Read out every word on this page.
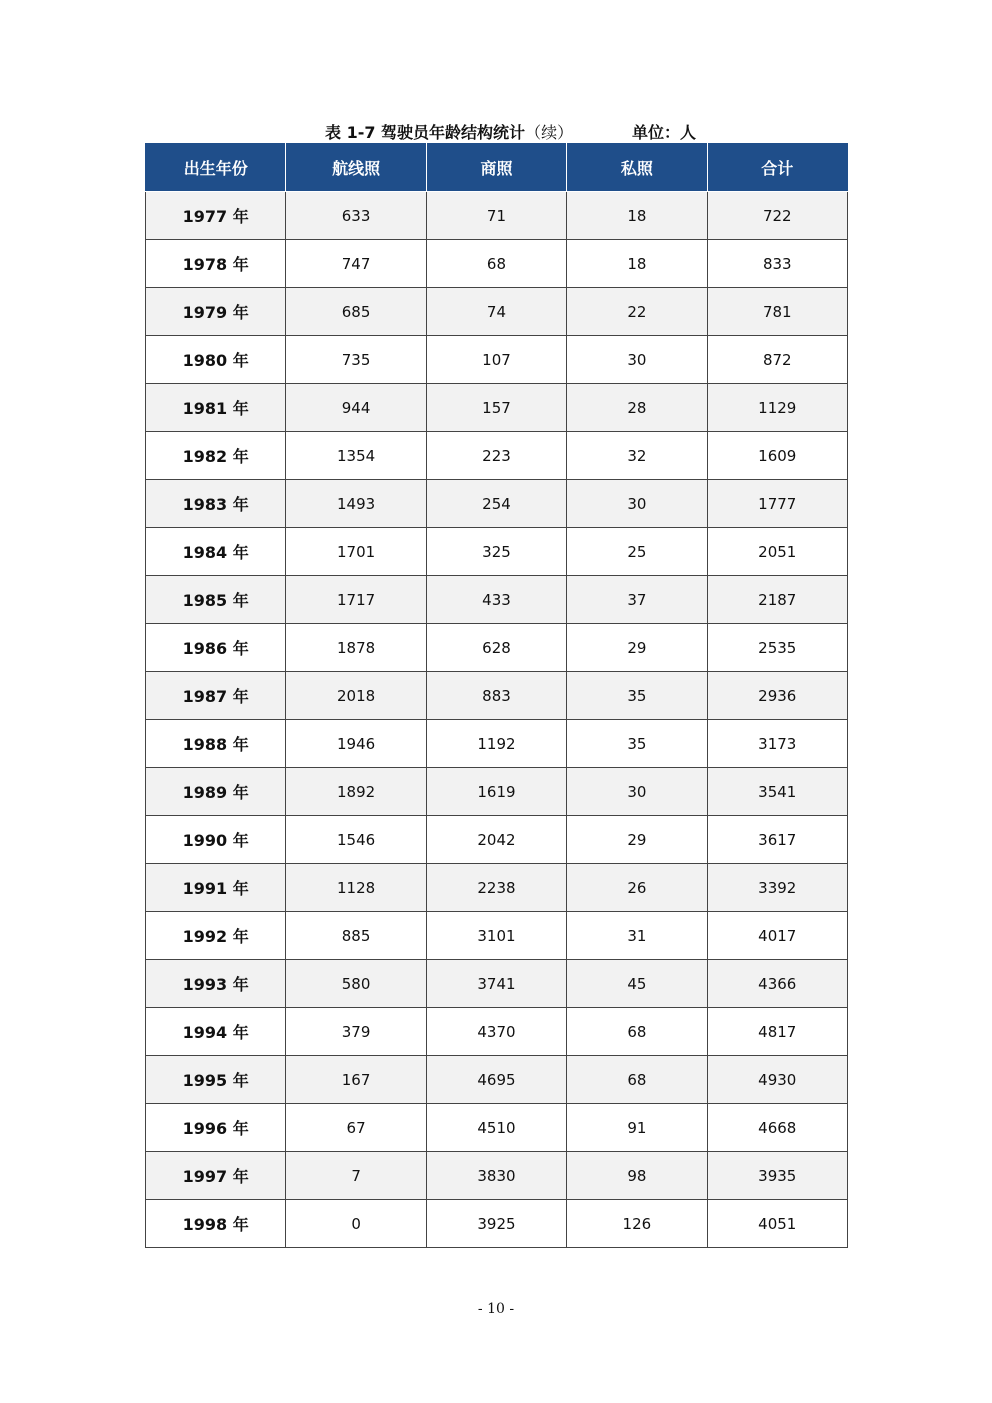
表 1-7 驾驶员年龄结构统计（续）	单位：人
出生年份	航线照	商照	私照	合计
1977 年	633	71	18	722
1978 年	747	68	18	833
1979 年	685	74	22	781
1980 年	735	107	30	872
1981 年	944	157	28	1129
1982 年	1354	223	32	1609
1983 年	1493	254	30	1777
1984 年	1701	325	25	2051
1985 年	1717	433	37	2187
1986 年	1878	628	29	2535
1987 年	2018	883	35	2936
1988 年	1946	1192	35	3173
1989 年	1892	1619	30	3541
1990 年	1546	2042	29	3617
1991 年	1128	2238	26	3392
1992 年	885	3101	31	4017
1993 年	580	3741	45	4366
1994 年	379	4370	68	4817
1995 年	167	4695	68	4930
1996 年	67	4510	91	4668
1997 年	7	3830	98	3935
1998 年	0	3925	126	4051
- 10 -
